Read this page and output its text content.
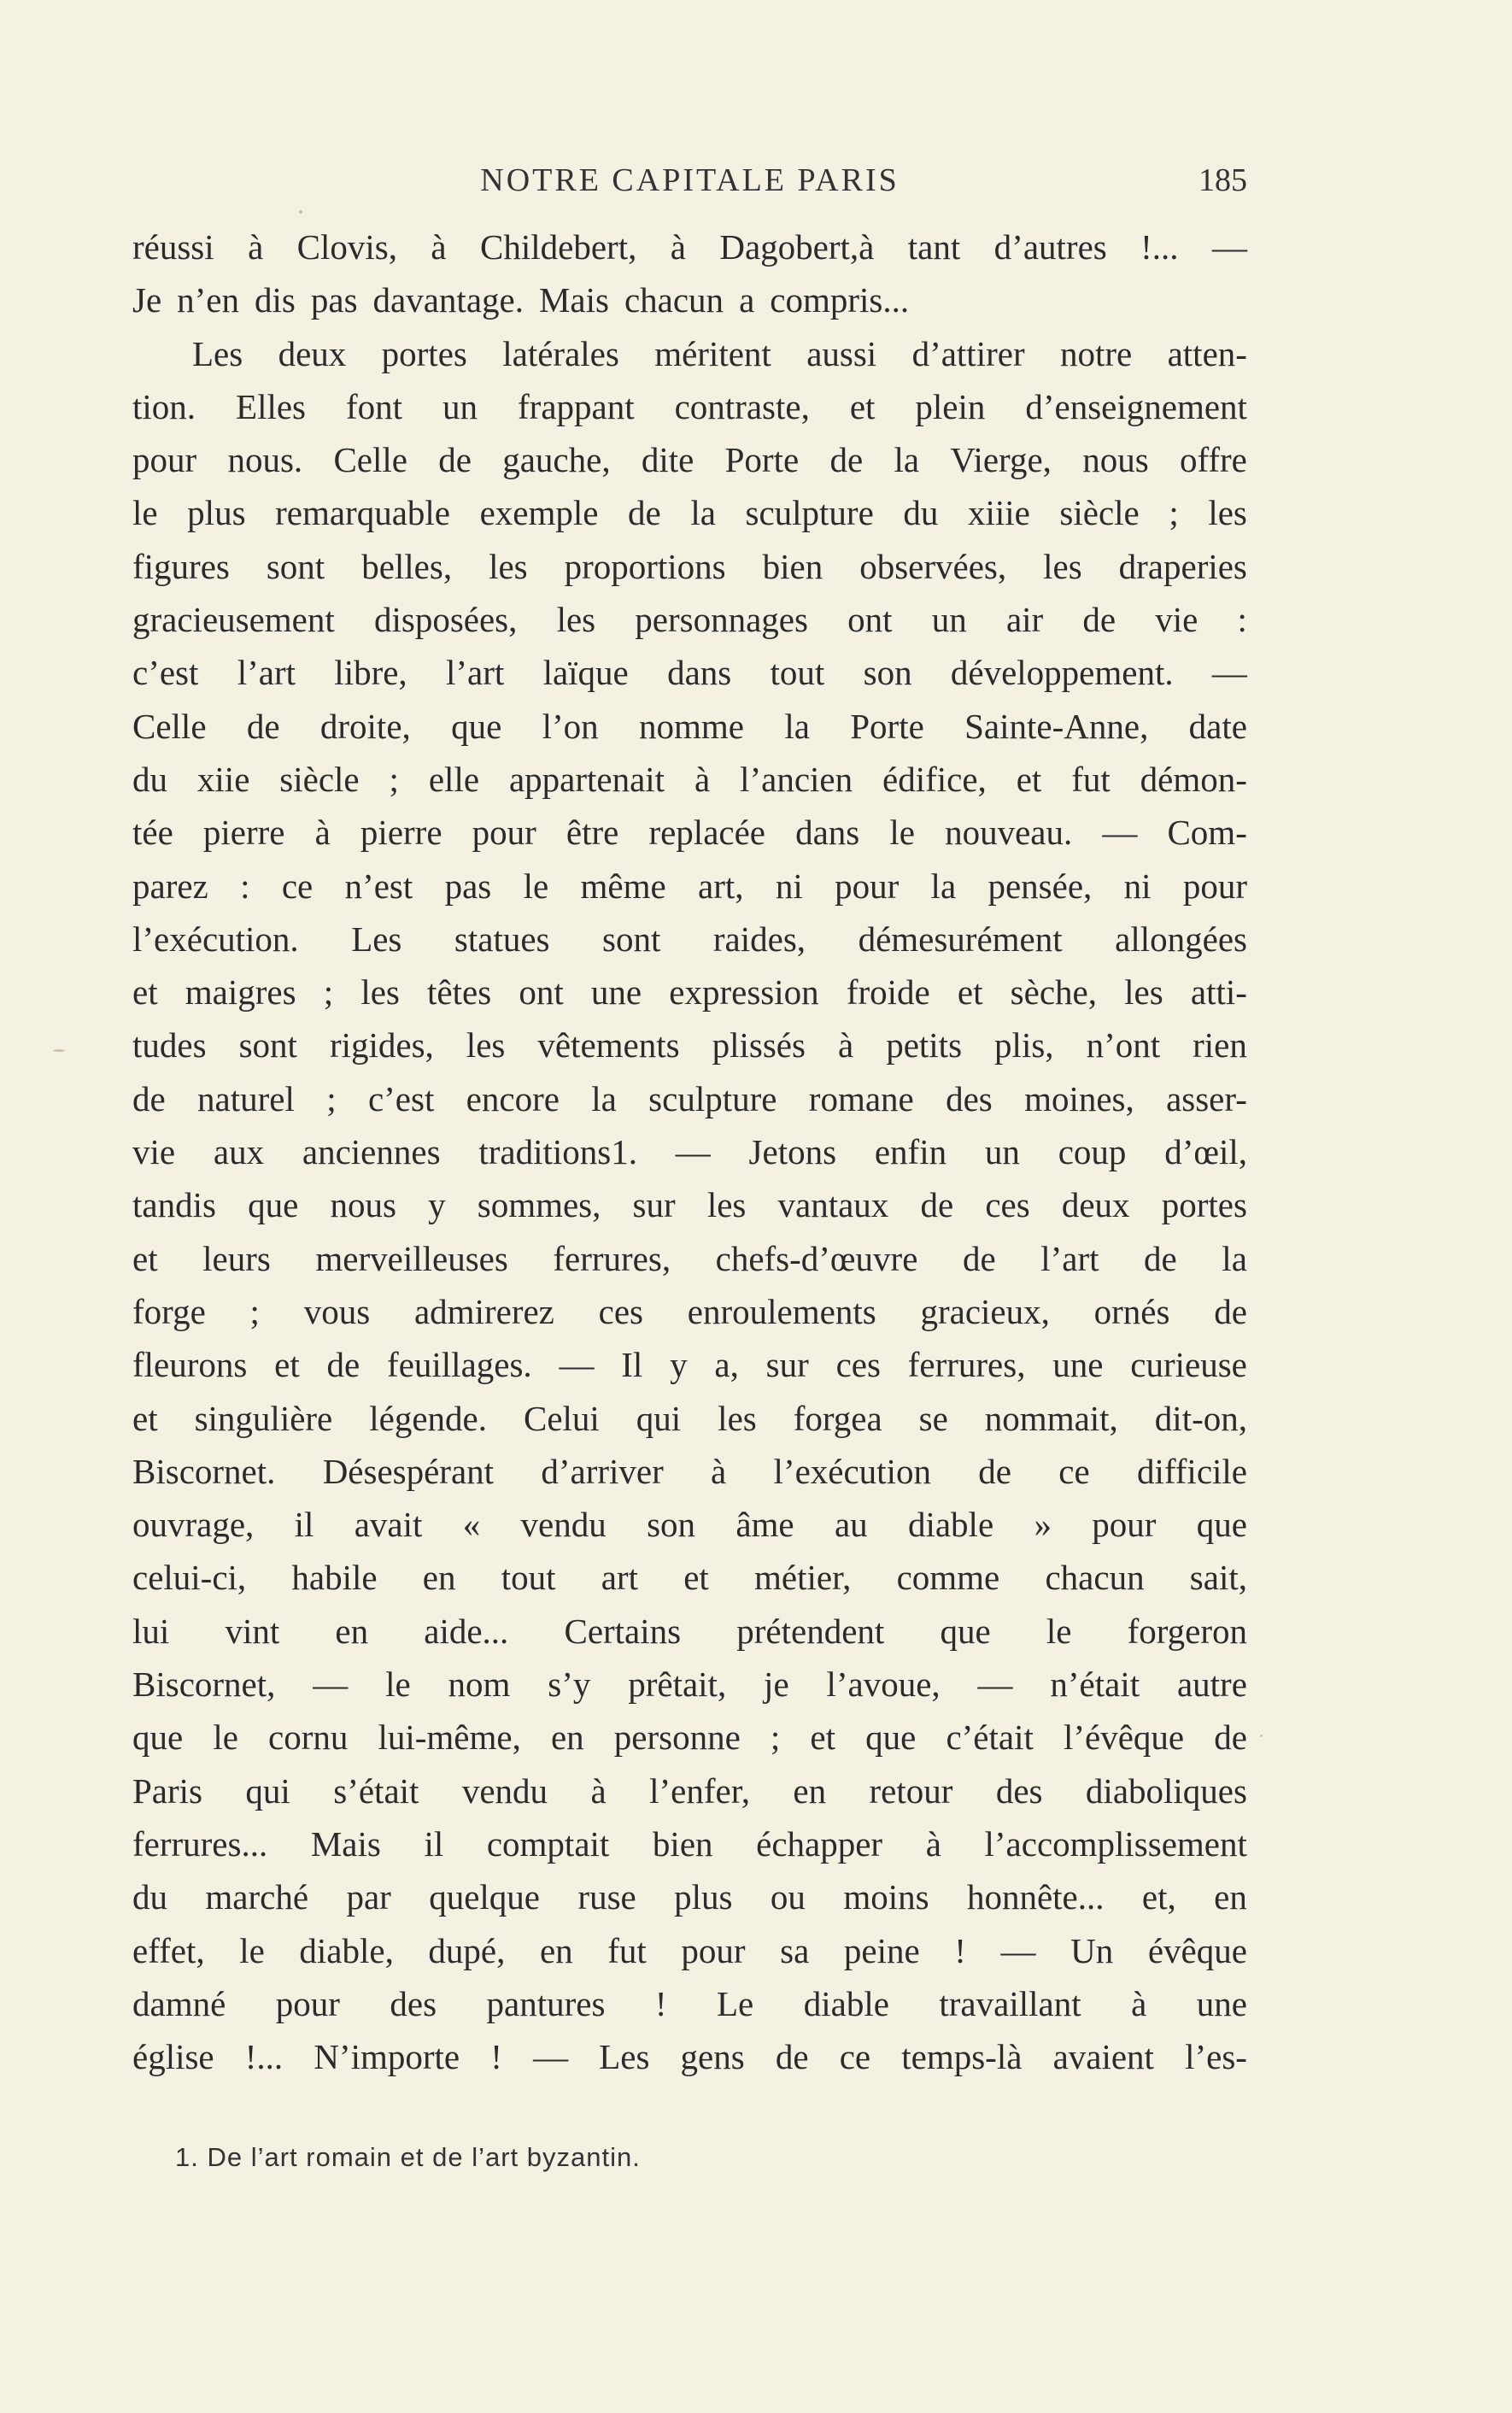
NOTRE CAPITALE PARIS	185
réussi à Clovis, à Childebert, à Dagobert,à tant d’autres !... —
Je n’en dis pas davantage. Mais chacun a compris...
Les deux portes latérales méritent aussi d’attirer notre atten-
tion. Elles font un frappant contraste, et plein d’enseignement
pour nous. Celle de gauche, dite Porte de la Vierge, nous offre
le plus remarquable exemple de la sculpture du xiiie siècle ; les
figures sont belles, les proportions bien observées, les draperies
gracieusement disposées, les personnages ont un air de vie :
c’est l’art libre, l’art laïque dans tout son développement. —
Celle de droite, que l’on nomme la Porte Sainte-Anne, date
du xiie siècle ; elle appartenait à l’ancien édifice, et fut démon-
tée pierre à pierre pour être replacée dans le nouveau. — Com-
parez : ce n’est pas le même art, ni pour la pensée, ni pour
l’exécution. Les statues sont raides, démesurément allongées
et maigres ; les têtes ont une expression froide et sèche, les atti-
tudes sont rigides, les vêtements plissés à petits plis, n’ont rien
de naturel ; c’est encore la sculpture romane des moines, asser-
vie aux anciennes traditions1. — Jetons enfin un coup d’œil,
tandis que nous y sommes, sur les vantaux de ces deux portes
et leurs merveilleuses ferrures, chefs-d’œuvre de l’art de la
forge ; vous admirerez ces enroulements gracieux, ornés de
fleurons et de feuillages. — Il y a, sur ces ferrures, une curieuse
et singulière légende. Celui qui les forgea se nommait, dit-on,
Biscornet. Désespérant d’arriver à l’exécution de ce difficile
ouvrage, il avait « vendu son âme au diable » pour que
celui-ci, habile en tout art et métier, comme chacun sait,
lui vint en aide... Certains prétendent que le forgeron
Biscornet, — le nom s’y prêtait, je l’avoue, — n’était autre
que le cornu lui-même, en personne ; et que c’était l’évêque de
Paris qui s’était vendu à l’enfer, en retour des diaboliques
ferrures... Mais il comptait bien échapper à l’accomplissement
du marché par quelque ruse plus ou moins honnête... et, en
effet, le diable, dupé, en fut pour sa peine ! — Un évêque
damné pour des pantures ! Le diable travaillant à une
église !... N’importe ! — Les gens de ce temps-là avaient l’es-
1. De l’art romain et de l’art byzantin.
